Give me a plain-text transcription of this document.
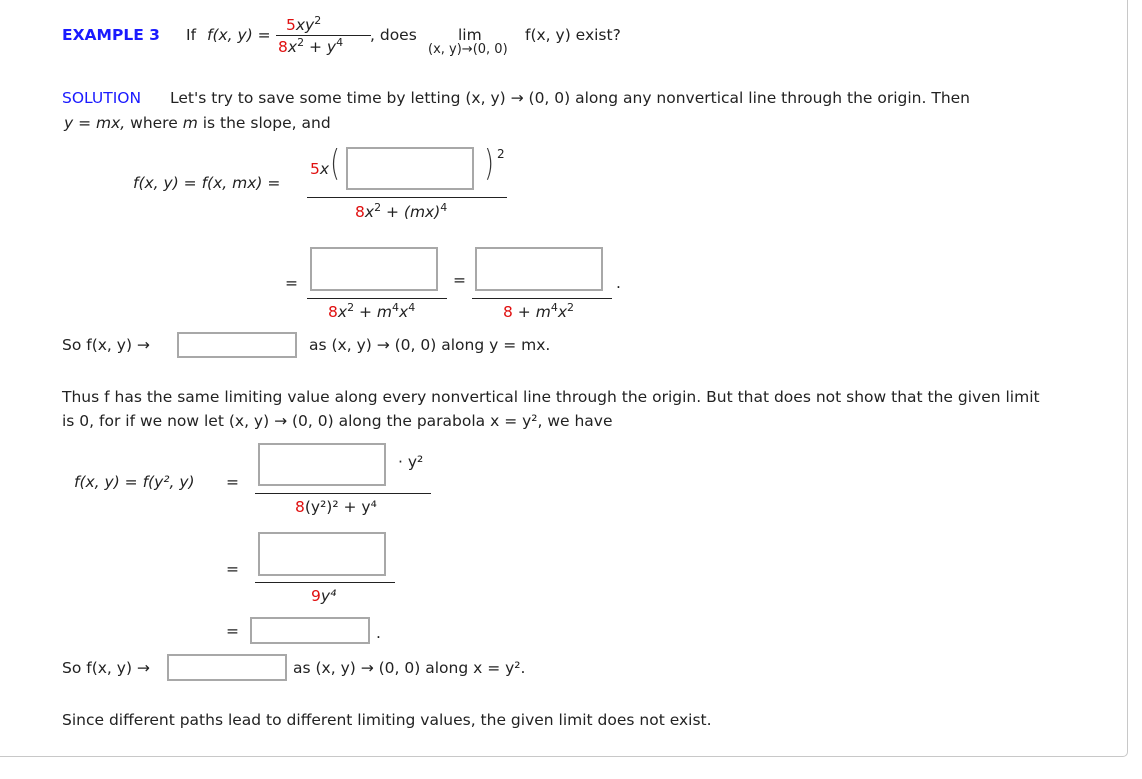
EXAMPLE 3 If f(x, y) =
$5xy^2$
$8x^2 + y^4$ , does	lim
(x, y)→(0, 0)
f(x, y) exist?
SOLUTION Let's try to save some time by letting (x, y) → (0, 0) along any nonvertical line through the origin. Then
y = mx, where m is the slope, and
f(x, y) = f(x, mx) =
5x (	) 2
$8x^2 + (mx)^4$
=
$8x^2 + m^4x^4$
=
$8 + m^4x^2$
.
So f(x, y) →	as (x, y) → (0, 0) along y = mx.
Thus f has the same limiting value along every nonvertical line through the origin. But that does not show that the given limit
is 0, for if we now let (x, y) → (0, 0) along the parabola x = y², we have
f(x, y) = f(y², y) =
· y²
8(y²)² + y⁴
=
9y⁴
=	.
So f(x, y) →	as (x, y) → (0, 0) along x = y².
Since different paths lead to different limiting values, the given limit does not exist.
